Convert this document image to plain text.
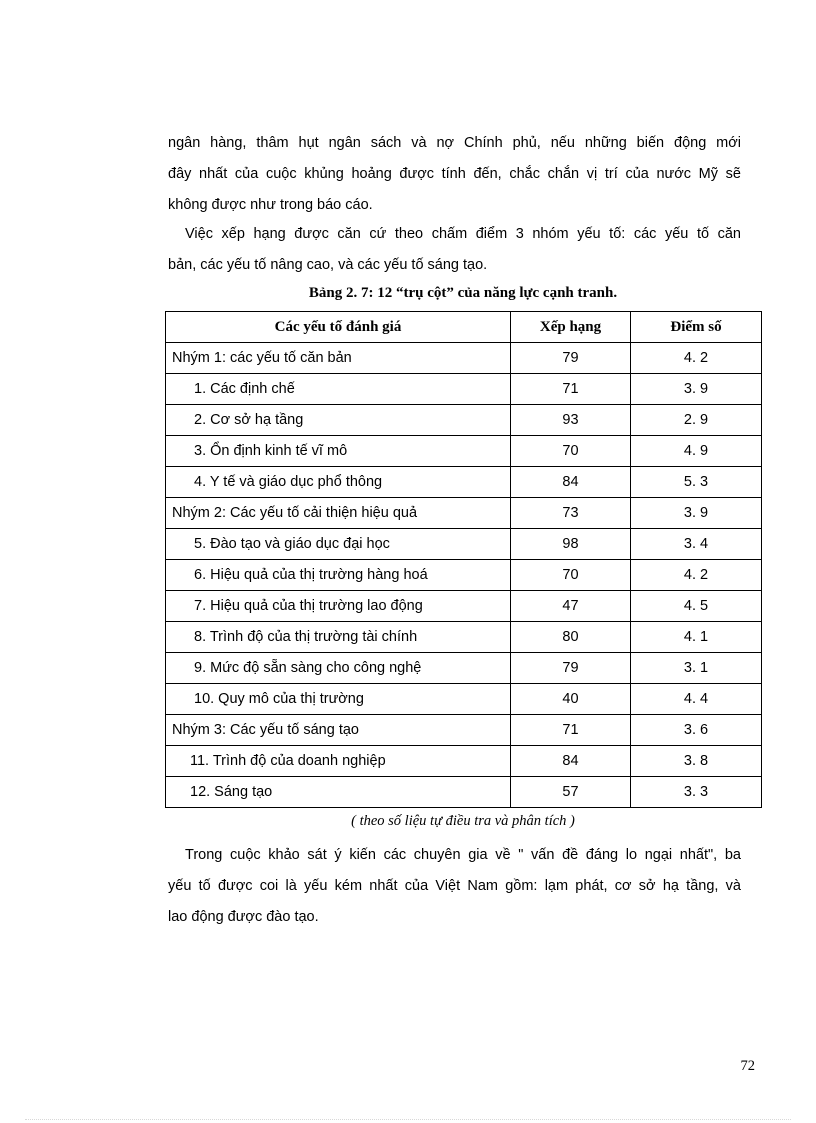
ngân hàng, thâm hụt ngân sách và nợ Chính phủ, nếu những biến động mới
đây nhất của cuộc khủng hoảng được tính đến, chắc chắn vị trí của nước Mỹ sẽ
không được như trong báo cáo.

Việc xếp hạng được căn cứ theo chấm điểm 3 nhóm yếu tố: các yếu tố căn
bản, các yếu tố nâng cao, và các yếu tố sáng tạo.

Bảng 2. 7: 12 “trụ cột” của năng lực cạnh tranh.
Các yếu tố đánh giá	Xếp hạng	Điểm số
Nhým 1: các yếu tố căn bản	79	4. 2
1. Các định chế	71	3. 9
2. Cơ sở hạ tầng	93	2. 9
3. Ổn định kinh tế vĩ mô	70	4. 9
4. Y tế và giáo dục phổ thông	84	5. 3
Nhým 2: Các yếu tố cải thiện hiệu quả	73	3. 9
5. Đào tạo và giáo dục đại học	98	3. 4
6. Hiệu quả của thị trường hàng hoá	70	4. 2
7. Hiệu quả của thị trường lao động	47	4. 5
8. Trình độ của thị trường tài chính	80	4. 1
9. Mức độ sẵn sàng cho công nghệ	79	3. 1
10. Quy mô của thị trường	40	4. 4
Nhým 3: Các yếu tố sáng tạo	71	3. 6
11. Trình độ của doanh nghiệp	84	3. 8
12. Sáng tạo	57	3. 3
( theo số liệu tự điều tra và phân tích )

Trong cuộc khảo sát ý kiến các chuyên gia về " vấn đề đáng lo ngại nhất", ba
yếu tố được coi là yếu kém nhất của Việt Nam gồm: lạm phát, cơ sở hạ tầng, và
lao động được đào tạo.

72
